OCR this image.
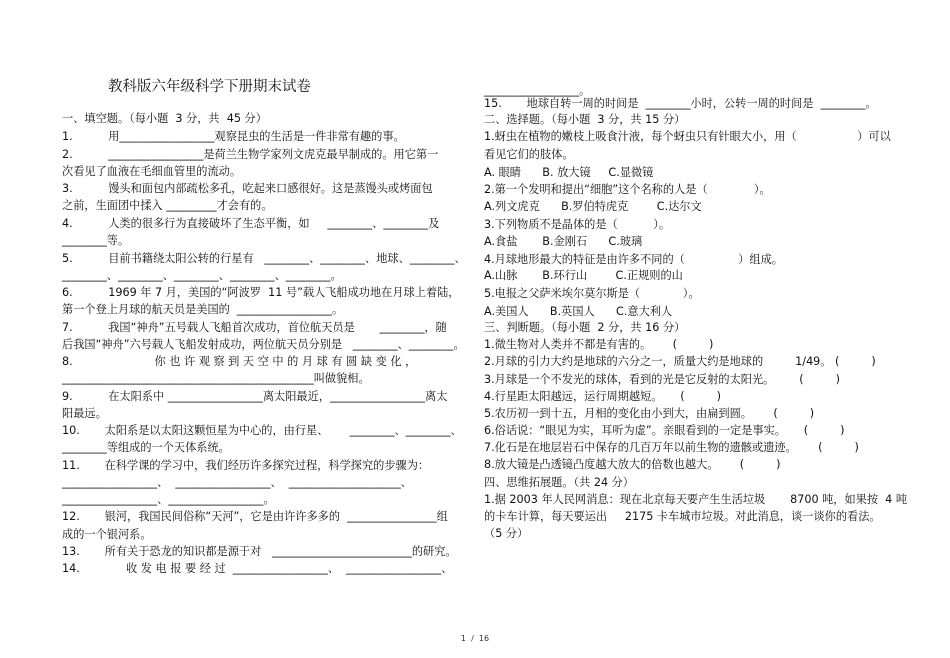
教科版六年级科学下册期末试卷
一、填空题。（每小题  3 分，共  45 分）
1.          用_________________观察昆虫的生活是一件非常有趣的事。
2.          _________________是荷兰生物学家列文虎克最早制成的。用它第一
次看见了血液在毛细血管里的流动。
3.          馒头和面包内部疏松多孔，吃起来口感很好。这是蒸馒头或烤面包
之前，生面团中揉入 _________才会有的。
4.          人类的很多行为直接破坏了生态平衡，如     ________、________及
________等。
5.          目前书籍绕太阳公转的行星有   ________、________、地球、________、
________、________、________、________、________。
6.          1969 年 7 月，美国的“阿波罗  11 号”载人飞船成功地在月球上着陆，
第一个登上月球的航天员是美国的  _________________。
7.          我国“神舟”五号载人飞船首次成功，首位航天员是       ________，随
后我国“神舟”六号载人飞船发射成功，两位航天员分别是   ________、________。
8.                       你 也 许 观 察 到 天 空 中 的 月 球 有 圆 缺 变 化 ，
_____________________________________________叫做貌相。
9.          在太阳系中 _________________离太阳最近，_________________离太
阳最远。
10.       太阳系是以太阳这颗恒星为中心的，由行星、      ________、________、
________等组成的一个天体系统。
11.       在科学课的学习中，我们经历许多探究过程，科学探究的步骤为：
_________________、  _________________、  ____________________、
_________________、_________________。
12.       银河，我国民间俗称“天河”，它是由许许多多的  ________________组
成的一个银河系。
13.       所有关于恐龙的知识都是源于对   _________________________的研究。
14.             收 发 电 报 要 经 过  _________________、  _________________、
_________________。
15.       地球自转一周的时间是  ________小时，公转一周的时间是  ________。
二、选择题。（每小题  3 分，共 15 分）
1.蚜虫在植物的嫩枝上吸食汁液，每个蚜虫只有针眼大小，用（                 ）可以
看见它们的肢体。
A. 眼睛      B. 放大镜     C.显微镜
2.第一个发明和提出“细胞”这个名称的人是（             ）。
A.列文虎克      B.罗伯特虎克        C.达尔文
3.下列物质不是晶体的是（          ）。
A.食盐       B.金刚石      C.玻璃
4.月球地形最大的特征是由许多不同的（               ）组成。
A.山脉       B.环行山        C.正规则的山
5.电报之父萨米埃尔莫尔斯是（            ）。
A.美国人      B.英国人      C.意大利人
三、判断题。（每小题  2 分，共 16 分）
1.微生物对人类并不都是有害的。      (         )
2.月球的引力大约是地球的六分之一，质量大约是地球的         1/49。 (         )
3.月球是一个不发光的球体，看到的光是它反射的太阳光。       (         )
4.行星距太阳越远，运行周期越短。     (         )
5.农历初一到十五，月相的变化由小到大，由扁到圆。      (         )
6.俗话说：“眼见为实，耳听为虚”。亲眼看到的一定是事实。     (         )
7.化石是在地层岩石中保存的几百万年以前生物的遗骸或遗迹。      (         )
8.放大镜是凸透镜凸度越大放大的倍数也越大。      (         )
四、思维拓展题。（共 24 分）
1.据 2003 年人民网消息：现在北京每天要产生生活垃圾       8700 吨，如果按  4 吨
的卡车计算，每天要运出     2175 卡车城市垃圾。对此消息，谈一谈你的看法。
（5 分）
1  /  16
